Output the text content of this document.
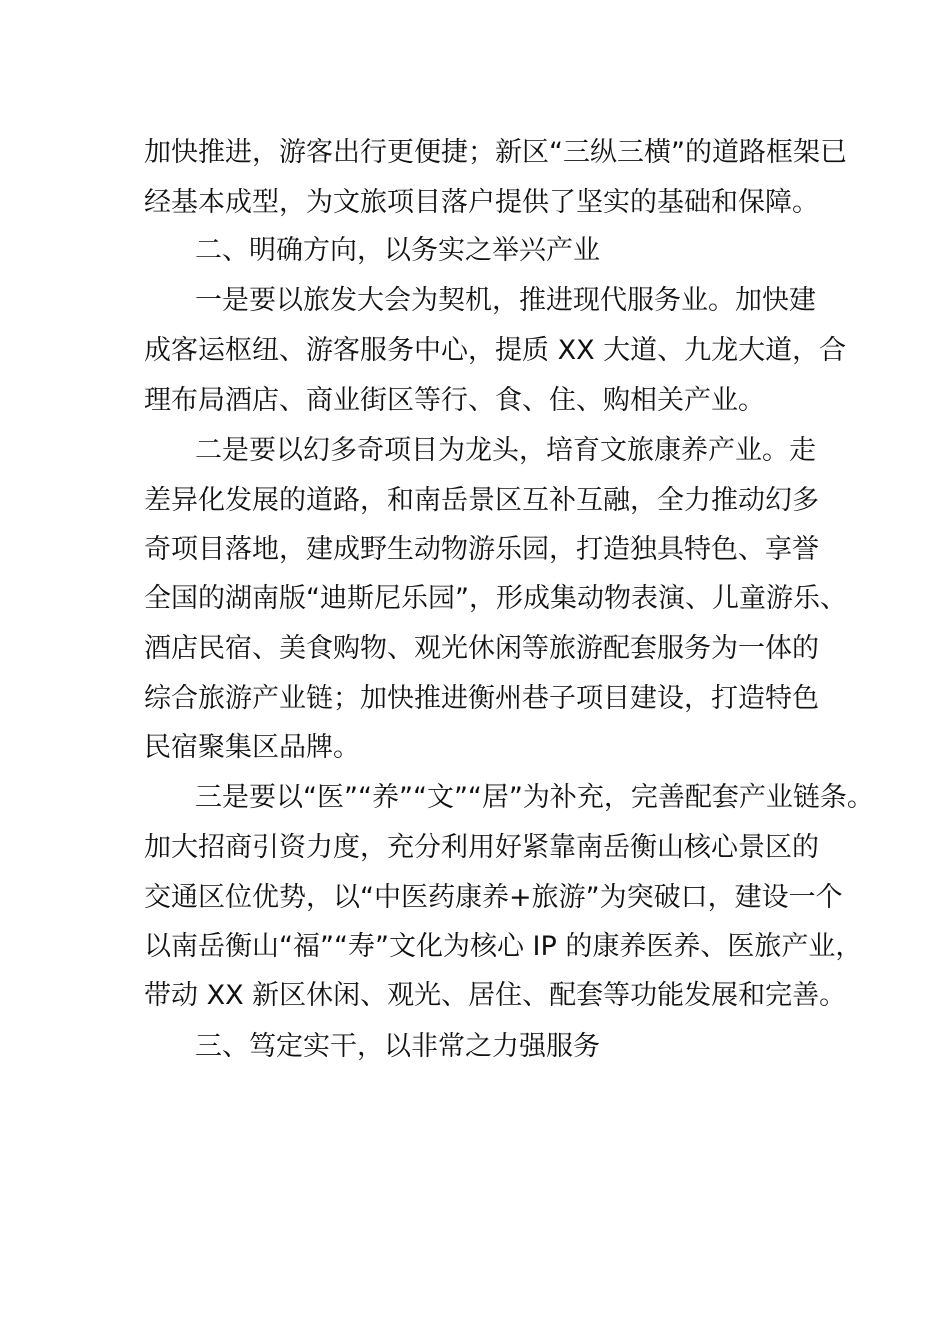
加快推进，游客出行更便捷；新区“三纵三横”的道路框架已
经基本成型，为文旅项目落户提供了坚实的基础和保障。
二、明确方向，以务实之举兴产业
一是要以旅发大会为契机，推进现代服务业。加快建
成客运枢纽、游客服务中心，提质 XX 大道、九龙大道，合
理布局酒店、商业街区等行、食、住、购相关产业。
二是要以幻多奇项目为龙头，培育文旅康养产业。走
差异化发展的道路，和南岳景区互补互融，全力推动幻多
奇项目落地，建成野生动物游乐园，打造独具特色、享誉
全国的湖南版“迪斯尼乐园”，形成集动物表演、儿童游乐、
酒店民宿、美食购物、观光休闲等旅游配套服务为一体的
综合旅游产业链；加快推进衡州巷子项目建设，打造特色
民宿聚集区品牌。
三是要以“医”“养”“文”“居”为补充，完善配套产业链条。
加大招商引资力度，充分利用好紧靠南岳衡山核心景区的
交通区位优势，以“中医药康养+旅游”为突破口，建设一个
以南岳衡山“福”“寿”文化为核心 IP 的康养医养、医旅产业，
带动 XX 新区休闲、观光、居住、配套等功能发展和完善。
三、笃定实干，以非常之力强服务
